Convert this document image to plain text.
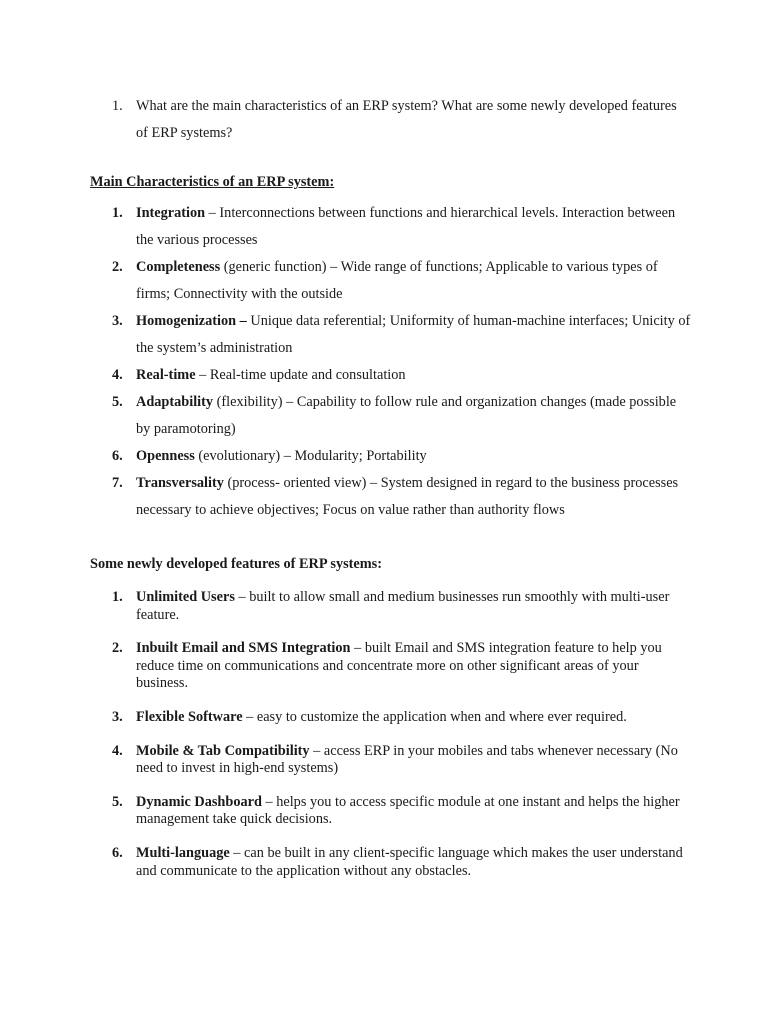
1. What are the main characteristics of an ERP system? What are some newly developed features of ERP systems?
Main Characteristics of an ERP system:
1. Integration – Interconnections between functions and hierarchical levels. Interaction between the various processes
2. Completeness (generic function) – Wide range of functions; Applicable to various types of firms; Connectivity with the outside
3. Homogenization – Unique data referential; Uniformity of human-machine interfaces; Unicity of the system’s administration
4. Real-time – Real-time update and consultation
5. Adaptability (flexibility) – Capability to follow rule and organization changes (made possible by paramotoring)
6. Openness (evolutionary) – Modularity; Portability
7. Transversality (process- oriented view) – System designed in regard to the business processes necessary to achieve objectives; Focus on value rather than authority flows
Some newly developed features of ERP systems:
1. Unlimited Users – built to allow small and medium businesses run smoothly with multi-user feature.
2. Inbuilt Email and SMS Integration – built Email and SMS integration feature to help you reduce time on communications and concentrate more on other significant areas of your business.
3. Flexible Software – easy to customize the application when and where ever required.
4. Mobile & Tab Compatibility – access ERP in your mobiles and tabs whenever necessary (No need to invest in high-end systems)
5. Dynamic Dashboard – helps you to access specific module at one instant and helps the higher management take quick decisions.
6. Multi-language – can be built in any client-specific language which makes the user understand and communicate to the application without any obstacles.
